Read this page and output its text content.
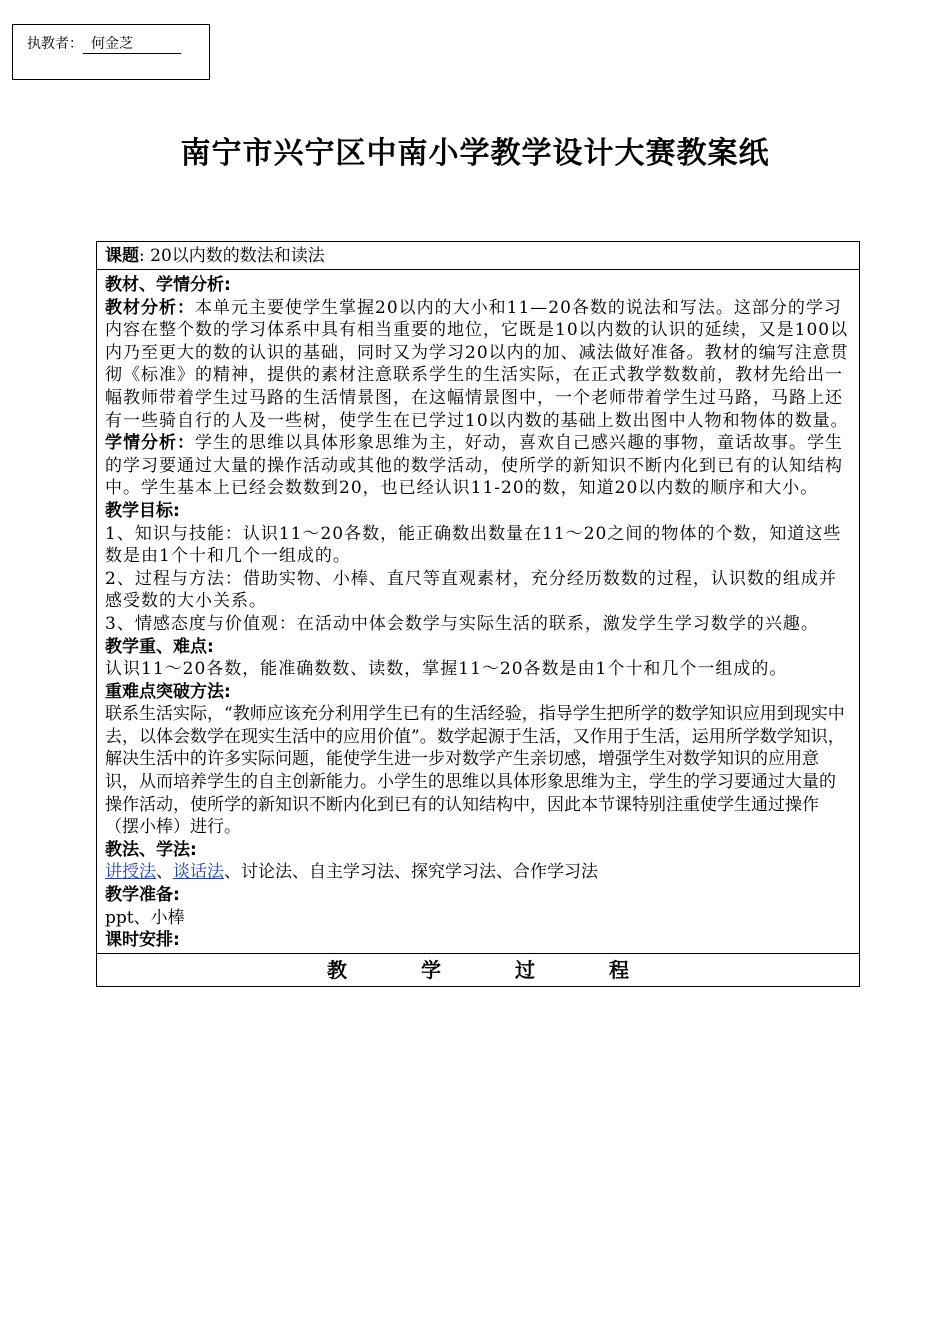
执教者： 何金芝
南宁市兴宁区中南小学教学设计大赛教案纸
课题: 20以内数的数法和读法

教材、学情分析:

教材分析：本单元主要使学生掌握20以内的大小和11—20各数的说法和写法。这部分的学习内容在整个数的学习体系中具有相当重要的地位，它既是10以内数的认识的延续，又是100以内乃至更大的数的认识的基础，同时又为学习20以内的加、减法做好准备。教材的编写注意贯彻《标准》的精神，提供的素材注意联系学生的生活实际，在正式教学数数前，教材先给出一幅教师带着学生过马路的生活情景图，在这幅情景图中，一个老师带着学生过马路，马路上还有一些骑自行的人及一些树，使学生在已学过10以内数的基础上数出图中人物和物体的数量。

学情分析：学生的思维以具体形象思维为主，好动，喜欢自己感兴趣的事物，童话故事。学生的学习要通过大量的操作活动或其他的数学活动，使所学的新知识不断内化到已有的认知结构中。学生基本上已经会数数到20，也已经认识11-20的数，知道20以内数的顺序和大小。

教学目标:

1、知识与技能：认识11～20各数，能正确数出数量在11～20之间的物体的个数，知道这些数是由1个十和几个一组成的。

2、过程与方法：借助实物、小棒、直尺等直观素材，充分经历数数的过程，认识数的组成并感受数的大小关系。

3、情感态度与价值观：在活动中体会数学与实际生活的联系，激发学生学习数学的兴趣。

教学重、难点:

认识11～20各数，能准确数数、读数，掌握11～20各数是由1个十和几个一组成的。

重难点突破方法:

联系生活实际，“教师应该充分利用学生已有的生活经验，指导学生把所学的数学知识应用到现实中去，以体会数学在现实生活中的应用价值”。数学起源于生活，又作用于生活，运用所学数学知识，解决生活中的许多实际问题，能使学生进一步对数学产生亲切感，增强学生对数学知识的应用意识，从而培养学生的自主创新能力。小学生的思维以具体形象思维为主，学生的学习要通过大量的操作活动，使所学的新知识不断内化到已有的认知结构中，因此本节课特别注重使学生通过操作（摆小棒）进行。

教法、学法:

讲授法、谈话法、讨论法、自主学习法、探究学习法、合作学习法

教学准备:

ppt、小棒

课时安排:

教	学	过	程
